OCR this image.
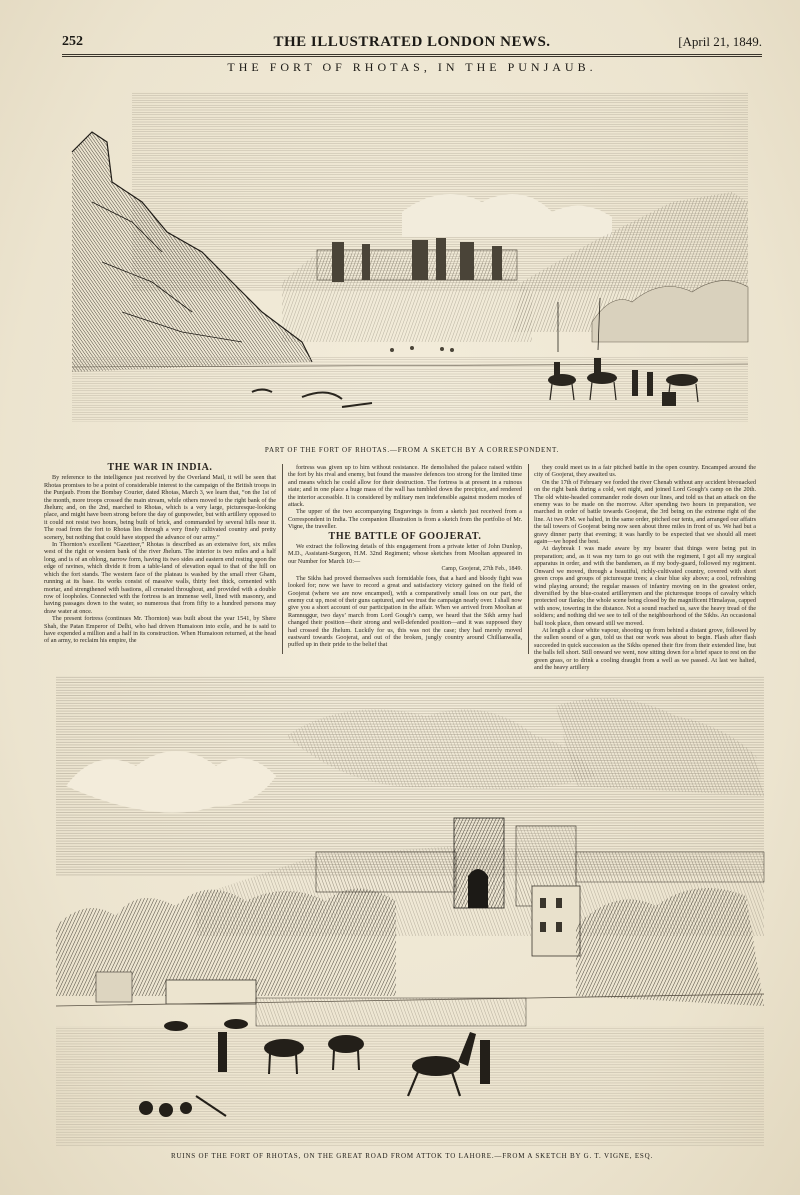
252	THE ILLUSTRATED LONDON NEWS.	[April 21, 1849.
THE FORT OF RHOTAS, IN THE PUNJAUB.
PART OF THE FORT OF RHOTAS.—FROM A SKETCH BY A CORRESPONDENT.
THE WAR IN INDIA.

By reference to the intelligence just received by the Overland Mail, it will be seen that Rhotas promises to be a point of considerable interest to the campaign of the British troops in the Punjaub. From the Bombay Courier, dated Rhotas, March 3, we learn that, “on the 1st of the month, more troops crossed the main stream, while others moved to the right bank of the Jhelum; and, on the 2nd, marched to Rhotas, which is a very large, picturesque-looking place, and might have been strong before the day of gunpowder, but with artillery opposed to it could not resist two hours, being built of brick, and commanded by several hills near it. The road from the fort to Rhotas lies through a very finely cultivated country and pretty scenery, but nothing that could have stopped the advance of our army.”

In Thornton’s excellent “Gazetteer,” Rhotas is described as an extensive fort, six miles west of the right or western bank of the river Jhelum. The interior is two miles and a half long, and is of an oblong, narrow form, having its two sides and eastern end resting upon the edge of ravines, which divide it from a table-land of elevation equal to that of the hill on which the fort stands. The western face of the plateau is washed by the small river Gham, running at its base. Its works consist of massive walls, thirty feet thick, cemented with mortar, and strengthened with bastions, all crenated throughout, and provided with a double row of loopholes. Connected with the fortress is an immense well, lined with masonry, and having passages down to the water, so numerous that from fifty to a hundred persons may draw water at once.

The present fortress (continues Mr. Thornton) was built about the year 1541, by Shere Shah, the Patan Emperor of Delhi, who had driven Humaioon into exile, and he is said to have expended a million and a half in its construction. When Humaioon returned, at the head of an army, to reclaim his empire, the

fortress was given up to him without resistance. He demolished the palace raised within the fort by his rival and enemy, but found the massive defences too strong for the limited time and means which he could allow for their destruction. The fortress is at present in a ruinous state; and in one place a huge mass of the wall has tumbled down the precipice, and rendered the interior accessible. It is considered by military men indefensible against modern modes of attack.

The upper of the two accompanying Engravings is from a sketch just received from a Correspondent in India. The companion Illustration is from a sketch from the portfolio of Mr. Vigne, the traveller.

THE BATTLE OF GOOJERAT.

We extract the following details of this engagement from a private letter of John Dunlop, M.D., Assistant-Surgeon, H.M. 32nd Regiment; whose sketches from Mooltan appeared in our Number for March 10:—

Camp, Goojerat, 27th Feb., 1849.

The Sikhs had proved themselves such formidable foes, that a hard and bloody fight was looked for; now we have to record a great and satisfactory victory gained on the field of Goojerat (where we are now encamped), with a comparatively small loss on our part, the enemy cut up, most of their guns captured, and we trust the campaign nearly over. I shall now give you a short account of our participation in the affair. When we arrived from Mooltan at Ramnuggur, two days’ march from Lord Gough’s camp, we heard that the Sikh army had changed their position—their strong and well-defended position—and it was supposed they had crossed the Jhelum. Luckily for us, this was not the case; they had merely moved eastward towards Goojerat, and out of the broken, jungly country around Chillianwalla, puffed up in their pride to the belief that

they could meet us in a fair pitched battle in the open country. Encamped around the city of Goojerat, they awaited us.

On the 17th of February we forded the river Chenab without any accident bivouacked on the right bank during a cold, wet night, and joined Lord Gough’s camp on the 20th. The old white-headed commander rode down our lines, and told us that an attack on the enemy was to be made on the morrow. After spending two hours in preparation, we marched in order of battle towards Goojerat, the 3rd being on the extreme right of the line. At two P.M. we halted, in the same order, pitched our tents, and arranged our affairs the tall towers of Goojerat being now seen about three miles in front of us. We had but a gravy dinner party that evening; it was hardly to be expected that we should all meet again—we hoped the best.

At daybreak I was made aware by my bearer that things were being put in preparation; and, as it was my turn to go out with the regiment, I got all my surgical apparatus in order, and with the bandsmen, as if my body-guard, followed my regiment. Onward we moved, through a beautiful, richly-cultivated country, covered with short green crops and groups of picturesque trees; a clear blue sky above; a cool, refreshing wind playing around; the regular masses of infantry moving on in the greatest order, diversified by the blue-coated artillerymen and the picturesque troops of cavalry which protected our flanks; the whole scene being closed by the magnificent Himalayas, capped with snow, towering in the distance. Not a sound reached us, save the heavy tread of the soldiers; and nothing did we see to tell of the neighbourhood of the Sikhs. An occasional ball took place, then onward still we moved.

At length a clear white vapour, shooting up from behind a distant grove, followed by the sullen sound of a gun, told us that our work was about to begin. Flash after flash succeeded in quick succession as the Sikhs opened their fire from their extended line, but the balls fell short. Still onward we went, now sitting down for a brief space to rest on the green grass, or to drink a cooling draught from a well as we passed. At last we halted, and the heavy artillery

RUINS OF THE FORT OF RHOTAS, ON THE GREAT ROAD FROM ATTOK TO LAHORE.—FROM A SKETCH BY G. T. VIGNE, ESQ.
